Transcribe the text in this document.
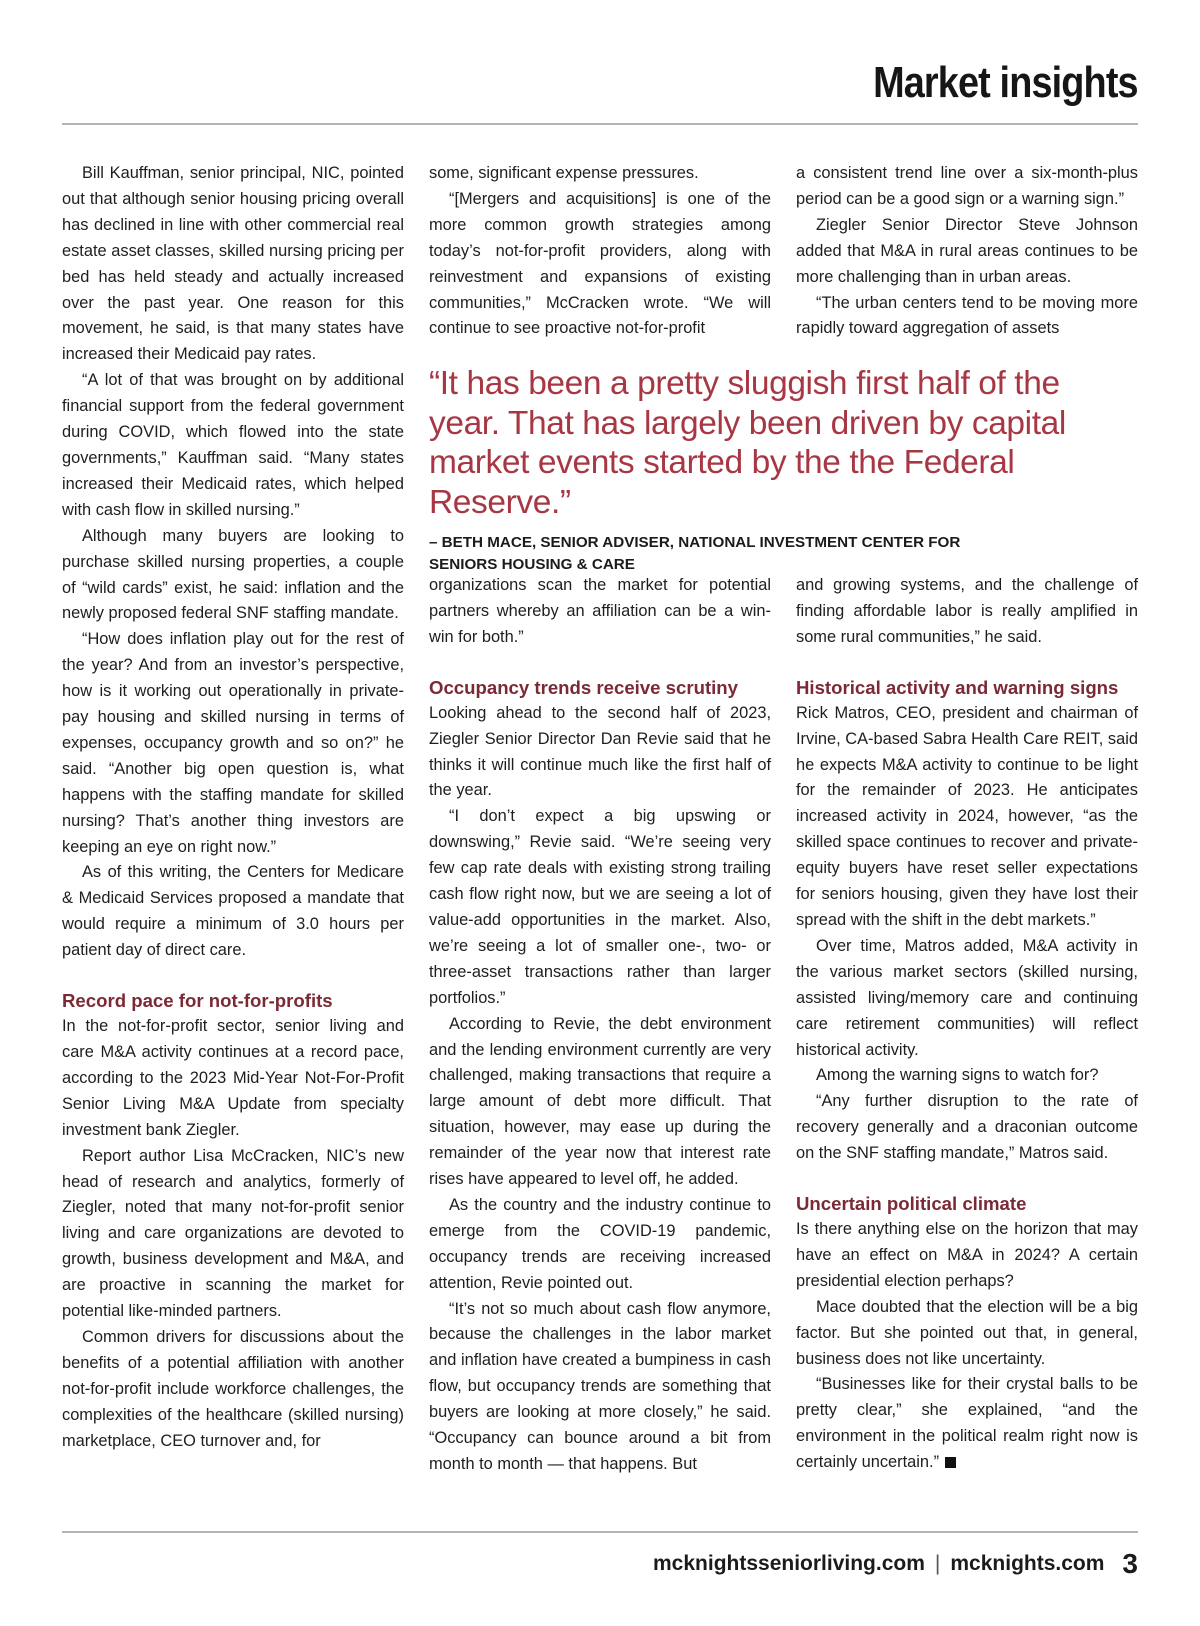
Market insights

Bill Kauffman, senior principal, NIC, pointed out that although senior housing pricing overall has declined in line with other commercial real estate asset classes, skilled nursing pricing per bed has held steady and actually increased over the past year. One reason for this movement, he said, is that many states have increased their Medicaid pay rates.

“A lot of that was brought on by additional financial support from the federal government during COVID, which flowed into the state governments,” Kauffman said. “Many states increased their Medicaid rates, which helped with cash flow in skilled nursing.”

Although many buyers are looking to purchase skilled nursing properties, a couple of “wild cards” exist, he said: inflation and the newly proposed federal SNF staffing mandate.

“How does inflation play out for the rest of the year? And from an investor’s perspective, how is it working out operationally in private-pay housing and skilled nursing in terms of expenses, occupancy growth and so on?” he said. “Another big open question is, what happens with the staffing mandate for skilled nursing? That’s another thing investors are keeping an eye on right now.”

As of this writing, the Centers for Medicare & Medicaid Services proposed a mandate that would require a minimum of 3.0 hours per patient day of direct care.

Record pace for not-for-profits

In the not-for-profit sector, senior living and care M&A activity continues at a record pace, according to the 2023 Mid-Year Not-For-Profit Senior Living M&A Update from specialty investment bank Ziegler.

Report author Lisa McCracken, NIC’s new head of research and analytics, formerly of Ziegler, noted that many not-for-profit senior living and care organizations are devoted to growth, business development and M&A, and are proactive in scanning the market for potential like-minded partners.

Common drivers for discussions about the benefits of a potential affiliation with another not-for-profit include workforce challenges, the complexities of the healthcare (skilled nursing) marketplace, CEO turnover and, for

some, significant expense pressures.

“[Mergers and acquisitions] is one of the more common growth strategies among today’s not-for-profit providers, along with reinvestment and expansions of existing communities,” McCracken wrote. “We will continue to see proactive not-for-profit

a consistent trend line over a six-month-plus period can be a good sign or a warning sign.”

Ziegler Senior Director Steve Johnson added that M&A in rural areas continues to be more challenging than in urban areas.

“The urban centers tend to be moving more rapidly toward aggregation of assets

“It has been a pretty sluggish first half of the year. That has largely been driven by capital market events started by the the Federal Reserve.”

– BETH MACE, SENIOR ADVISER, NATIONAL INVESTMENT CENTER FOR SENIORS HOUSING & CARE

organizations scan the market for potential partners whereby an affiliation can be a win-win for both.”

Occupancy trends receive scrutiny

Looking ahead to the second half of 2023, Ziegler Senior Director Dan Revie said that he thinks it will continue much like the first half of the year.

“I don’t expect a big upswing or downswing,” Revie said. “We’re seeing very few cap rate deals with existing strong trailing cash flow right now, but we are seeing a lot of value-add opportunities in the market. Also, we’re seeing a lot of smaller one-, two- or three-asset transactions rather than larger portfolios.”

According to Revie, the debt environment and the lending environment currently are very challenged, making transactions that require a large amount of debt more difficult. That situation, however, may ease up during the remainder of the year now that interest rate rises have appeared to level off, he added.

As the country and the industry continue to emerge from the COVID-19 pandemic, occupancy trends are receiving increased attention, Revie pointed out.

“It’s not so much about cash flow anymore, because the challenges in the labor market and inflation have created a bumpiness in cash flow, but occupancy trends are something that buyers are looking at more closely,” he said. “Occupancy can bounce around a bit from month to month — that happens. But

and growing systems, and the challenge of finding affordable labor is really amplified in some rural communities,” he said.

Historical activity and warning signs

Rick Matros, CEO, president and chairman of Irvine, CA-based Sabra Health Care REIT, said he expects M&A activity to continue to be light for the remainder of 2023. He anticipates increased activity in 2024, however, “as the skilled space continues to recover and private-equity buyers have reset seller expectations for seniors housing, given they have lost their spread with the shift in the debt markets.”

Over time, Matros added, M&A activity in the various market sectors (skilled nursing, assisted living/memory care and continuing care retirement communities) will reflect historical activity.

Among the warning signs to watch for?

“Any further disruption to the rate of recovery generally and a draconian outcome on the SNF staffing mandate,” Matros said.

Uncertain political climate

Is there anything else on the horizon that may have an effect on M&A in 2024? A certain presidential election perhaps?

Mace doubted that the election will be a big factor. But she pointed out that, in general, business does not like uncertainty.

“Businesses like for their crystal balls to be pretty clear,” she explained, “and the environment in the political realm right now is certainly uncertain.”

mcknightsseniorliving.com | mcknights.com 3
